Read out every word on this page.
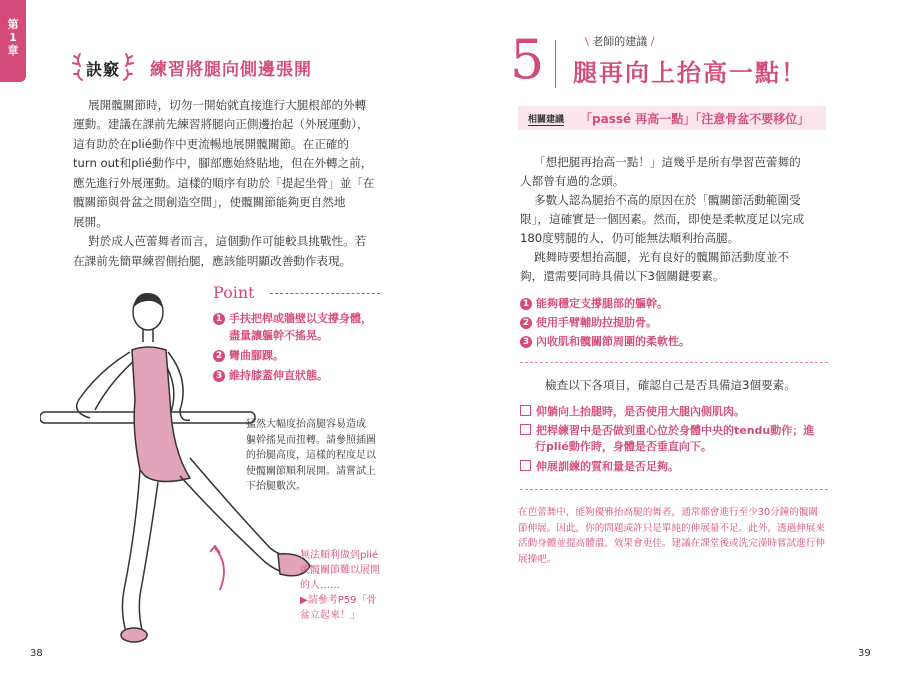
第
1
章
訣竅	練習將腿向側邊張開
展開髖關節時，切勿一開始就直接進行大腿根部的外轉
運動。建議在課前先練習將腿向正側邊抬起（外展運動），
這有助於在plié動作中更流暢地展開髖關節。在正確的
turn out和plié動作中，腳部應始終貼地，但在外轉之前，
應先進行外展運動。這樣的順序有助於「提起坐骨」並「在
髖關節與骨盆之間創造空間」，使髖關節能夠更自然地
展開。
對於成人芭蕾舞者而言，這個動作可能較具挑戰性。若
在課前先簡單練習側抬腿，應該能明顯改善動作表現。
Point
1 手扶把桿或牆壁以支撐身體，
盡量讓軀幹不搖晃。
2 彎曲腳踝。
3 維持膝蓋伸直狀態。
猛然大幅度抬高腿容易造成
軀幹搖晃而扭轉。請參照插圖
的抬腿高度，這樣的程度足以
使髖關節順利展開。請嘗試上
下抬腿數次。
無法順利做到plié
或髖關節難以展開
的人……
▶請參考P59「骨
盆立起來！」
38
5	\ 老師的建議 /
腿再向上抬高一點！
相關建議 「passé 再高一點」「注意骨盆不要移位」
「想把腿再抬高一點！」這幾乎是所有學習芭蕾舞的
人都曾有過的念頭。
多數人認為腿抬不高的原因在於「髖關節活動範圍受
限」，這確實是一個因素。然而，即使是柔軟度足以完成
180度劈腿的人，仍可能無法順利抬高腿。
跳舞時要想抬高腿，光有良好的髖關節活動度並不
夠，還需要同時具備以下3個關鍵要素。
1 能夠穩定支撐腿部的軀幹。
2 使用手臂輔助拉提肋骨。
3 內收肌和髖關節周圍的柔軟性。
檢查以下各項目，確認自己是否具備這3個要素。
仰躺向上抬腿時，是否使用大腿內側肌肉。
把桿練習中是否做到重心位於身體中央的tendu動作；進
行plié動作時，身體是否垂直向下。
伸展訓練的質和量是否足夠。
在芭蕾舞中，能夠優雅抬高腿的舞者，通常都會進行至少30分鐘的髖關
節伸展。因此，你的問題或許只是單純的伸展量不足。此外，透過伸展來
活動身體並提高體溫，效果會更佳。建議在課堂後或洗完澡時嘗試進行伸
展操吧。
39
